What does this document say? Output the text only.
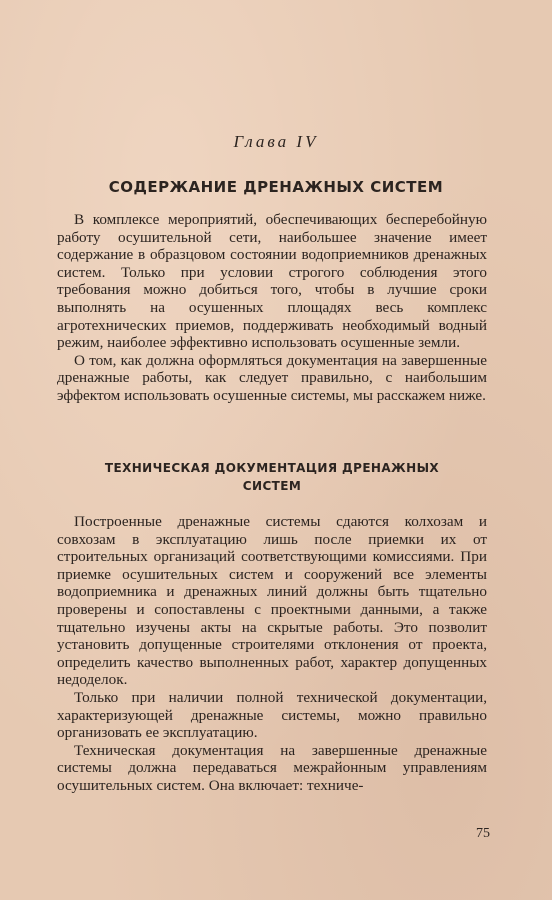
Глава IV
СОДЕРЖАНИЕ ДРЕНАЖНЫХ СИСТЕМ

В комплексе мероприятий, обеспечивающих бесперебойную работу осушительной сети, наибольшее значение имеет содержание в образцовом состоянии водоприемников дренажных систем. Только при условии строгого соблюдения этого требования можно добиться того, чтобы в лучшие сроки выполнять на осушенных площадях весь комплекс агротехнических приемов, поддерживать необходимый водный режим, наиболее эффективно использовать осушенные земли.

О том, как должна оформляться документация на завершенные дренажные работы, как следует правильно, с наибольшим эффектом использовать осушенные системы, мы расскажем ниже.

ТЕХНИЧЕСКАЯ ДОКУМЕНТАЦИЯ ДРЕНАЖНЫХ
СИСТЕМ

Построенные дренажные системы сдаются колхозам и совхозам в эксплуатацию лишь после приемки их от строительных организаций соответствующими комиссиями. При приемке осушительных систем и сооружений все элементы водоприемника и дренажных линий должны быть тщательно проверены и сопоставлены с проектными данными, а также тщательно изучены акты на скрытые работы. Это позволит установить допущенные строителями отклонения от проекта, определить качество выполненных работ, характер допущенных недоделок.

Только при наличии полной технической документации, характеризующей дренажные системы, можно правильно организовать ее эксплуатацию.

Техническая документация на завершенные дренажные системы должна передаваться межрайонным управлениям осушительных систем. Она включает: техниче-

75
